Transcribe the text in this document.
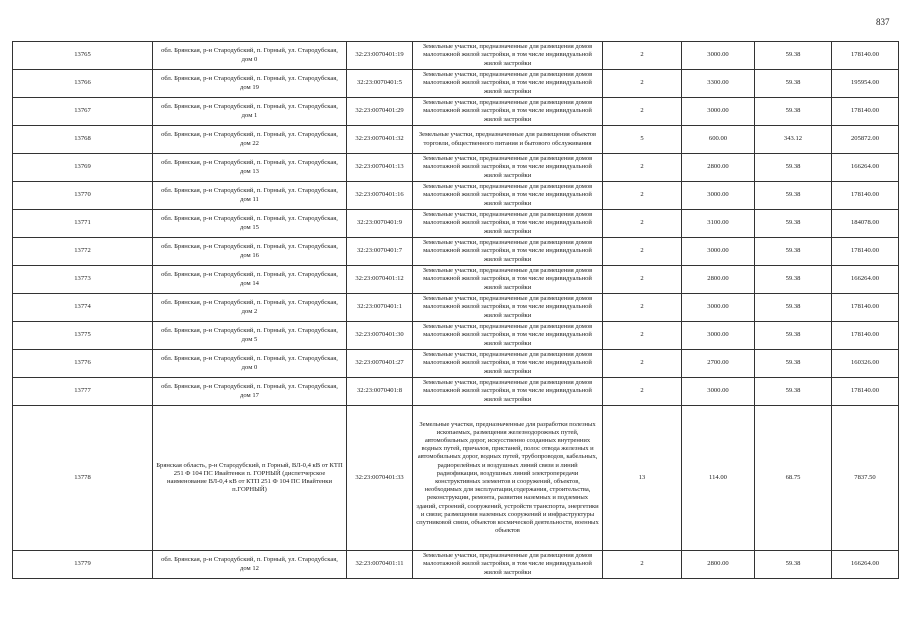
837
13765	обл. Брянская, р-н Стародубский, п. Горный, ул. Стародубская, дом 0	32:23:0070401:19	Земельные участки, предназначенные для размещения домов малоэтажной жилой застройки, в том числе индивидуальной жилой застройки	2	3000.00	59.38	178140.00
13766	обл. Брянская, р-н Стародубский, п. Горный, ул. Стародубская, дом 19	32:23:0070401:5	Земельные участки, предназначенные для размещения домов малоэтажной жилой застройки, в том числе индивидуальной жилой застройки	2	3300.00	59.38	195954.00
13767	обл. Брянская, р-н Стародубский, п. Горный, ул. Стародубская, дом 1	32:23:0070401:29	Земельные участки, предназначенные для размещения домов малоэтажной жилой застройки, в том числе индивидуальной жилой застройки	2	3000.00	59.38	178140.00
13768	обл. Брянская, р-н Стародубский, п. Горный, ул. Стародубская, дом 22	32:23:0070401:32	Земельные участки, предназначенные для размещения объектов торговли, общественного питания и бытового обслуживания	5	600.00	343.12	205872.00
13769	обл. Брянская, р-н Стародубский, п. Горный, ул. Стародубская, дом 13	32:23:0070401:13	Земельные участки, предназначенные для размещения домов малоэтажной жилой застройки, в том числе индивидуальной жилой застройки	2	2800.00	59.38	166264.00
13770	обл. Брянская, р-н Стародубский, п. Горный, ул. Стародубская, дом 11	32:23:0070401:16	Земельные участки, предназначенные для размещения домов малоэтажной жилой застройки, в том числе индивидуальной жилой застройки	2	3000.00	59.38	178140.00
13771	обл. Брянская, р-н Стародубский, п. Горный, ул. Стародубская, дом 15	32:23:0070401:9	Земельные участки, предназначенные для размещения домов малоэтажной жилой застройки, в том числе индивидуальной жилой застройки	2	3100.00	59.38	184078.00
13772	обл. Брянская, р-н Стародубский, п. Горный, ул. Стародубская, дом 16	32:23:0070401:7	Земельные участки, предназначенные для размещения домов малоэтажной жилой застройки, в том числе индивидуальной жилой застройки	2	3000.00	59.38	178140.00
13773	обл. Брянская, р-н Стародубский, п. Горный, ул. Стародубская, дом 14	32:23:0070401:12	Земельные участки, предназначенные для размещения домов малоэтажной жилой застройки, в том числе индивидуальной жилой застройки	2	2800.00	59.38	166264.00
13774	обл. Брянская, р-н Стародубский, п. Горный, ул. Стародубская, дом 2	32:23:0070401:1	Земельные участки, предназначенные для размещения домов малоэтажной жилой застройки, в том числе индивидуальной жилой застройки	2	3000.00	59.38	178140.00
13775	обл. Брянская, р-н Стародубский, п. Горный, ул. Стародубская, дом 5	32:23:0070401:30	Земельные участки, предназначенные для размещения домов малоэтажной жилой застройки, в том числе индивидуальной жилой застройки	2	3000.00	59.38	178140.00
13776	обл. Брянская, р-н Стародубский, п. Горный, ул. Стародубская, дом 0	32:23:0070401:27	Земельные участки, предназначенные для размещения домов малоэтажной жилой застройки, в том числе индивидуальной жилой застройки	2	2700.00	59.38	160326.00
13777	обл. Брянская, р-н Стародубский, п. Горный, ул. Стародубская, дом 17	32:23:0070401:8	Земельные участки, предназначенные для размещения домов малоэтажной жилой застройки, в том числе индивидуальной жилой застройки	2	3000.00	59.38	178140.00
13778	Брянская область, р-н Стародубский, п Горный, ВЛ-0,4 кВ от КТП 251 Ф 104 ПС Ивайтенки п. ГОРНЫЙ (диспетчерское наименование ВЛ-0,4 кВ от КТП 251 Ф 104 ПС Ивайтенки п.ГОРНЫЙ)	32:23:0070401:33	Земельные участки, предназначенные для разработки полезных ископаемых, размещения железнодорожных путей, автомобильных дорог, искусственно созданных внутренних водных путей, причалов, пристаней, полос отвода железных и автомобильных дорог, водных путей, трубопроводов, кабельных, радиорелейных и воздушных линий связи и линий радиофикации, воздушных линий электропередачи конструктивных элементов и сооружений, объектов, необходимых для эксплуатации,содержания, строительства, реконструкции, ремонта, развития наземных и подземных зданий, строений, сооружений, устройств транспорта, энергетики и связи; размещения наземных сооружений и инфраструктуры спутниковой связи, объектов космической деятельности, военных объектов	13	114.00	68.75	7837.50
13779	обл. Брянская, р-н Стародубский, п. Горный, ул. Стародубская, дом 12	32:23:0070401:11	Земельные участки, предназначенные для размещения домов малоэтажной жилой застройки, в том числе индивидуальной жилой застройки	2	2800.00	59.38	166264.00
